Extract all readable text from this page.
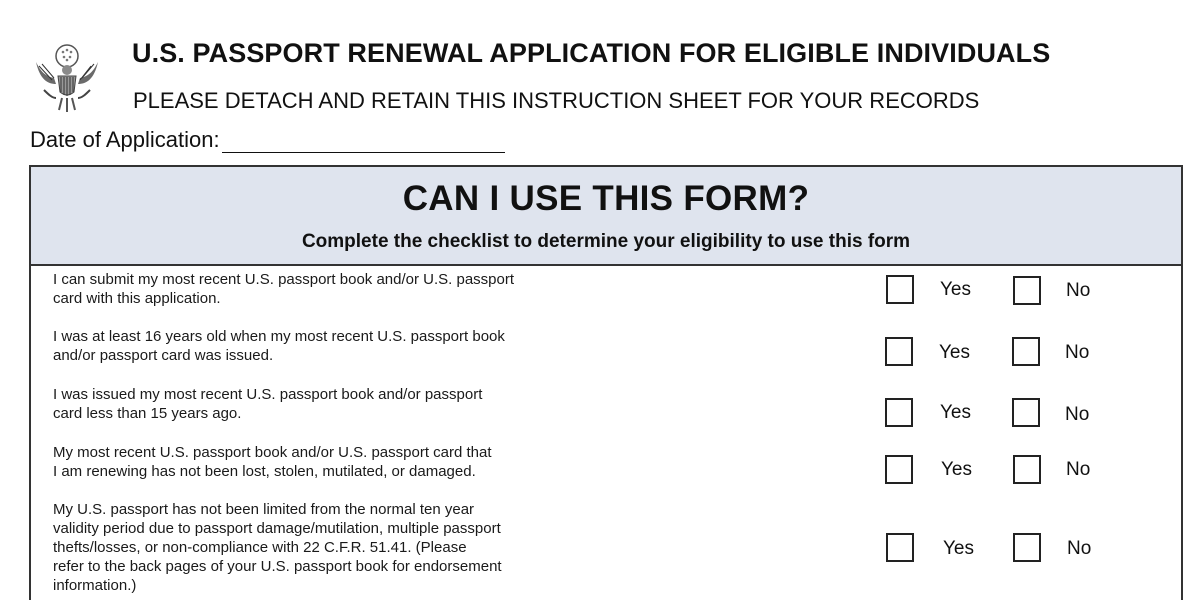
U.S. PASSPORT RENEWAL APPLICATION FOR ELIGIBLE INDIVIDUALS
PLEASE DETACH AND RETAIN THIS INSTRUCTION SHEET FOR YOUR RECORDS
Date of Application:
CAN I USE THIS FORM?
Complete the checklist to determine your eligibility to use this form
I can submit my most recent U.S. passport book and/or U.S. passport
card with this application.	Yes	No
I was at least 16 years old when my most recent U.S. passport book
and/or passport card was issued.	Yes	No
I was issued my most recent U.S. passport book and/or passport
card less than 15 years ago.	Yes	No
My most recent U.S. passport book and/or U.S. passport card that
I am renewing has not been lost, stolen, mutilated, or damaged.	Yes	No
My U.S. passport has not been limited from the normal ten year
validity period due to passport damage/mutilation, multiple passport
thefts/losses, or non-compliance with 22 C.F.R. 51.41. (Please
refer to the back pages of your U.S. passport book for endorsement
information.)
Yes	No
